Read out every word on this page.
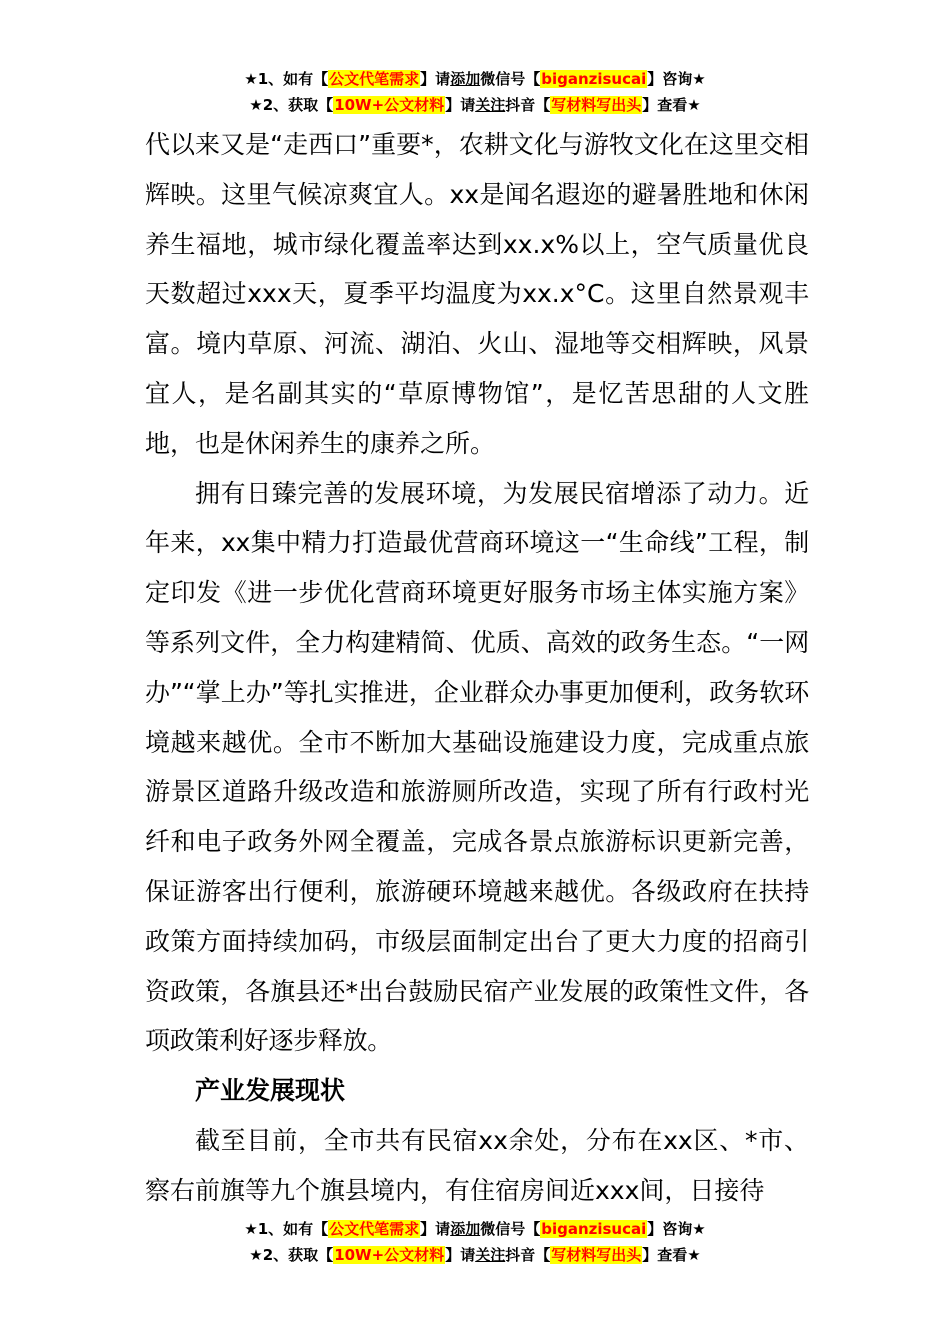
★1、如有【公文代笔需求】请添加微信号【biganzisucai】咨询★
★2、获取【10W+公文材料】请关注抖音【写材料写出头】查看★

代以来又是“走西口”重要*，农耕文化与游牧文化在这里交相辉映。这里气候凉爽宜人。xx是闻名遐迩的避暑胜地和休闲养生福地，城市绿化覆盖率达到xx.x%以上，空气质量优良天数超过xxx天，夏季平均温度为xx.x°C。这里自然景观丰富。境内草原、河流、湖泊、火山、湿地等交相辉映，风景宜人，是名副其实的“草原博物馆”，是忆苦思甜的人文胜地，也是休闲养生的康养之所。

拥有日臻完善的发展环境，为发展民宿增添了动力。近年来，xx集中精力打造最优营商环境这一“生命线”工程，制定印发《进一步优化营商环境更好服务市场主体实施方案》等系列文件，全力构建精简、优质、高效的政务生态。“一网办”“掌上办”等扎实推进，企业群众办事更加便利，政务软环境越来越优。全市不断加大基础设施建设力度，完成重点旅游景区道路升级改造和旅游厕所改造，实现了所有行政村光纤和电子政务外网全覆盖，完成各景点旅游标识更新完善，保证游客出行便利，旅游硬环境越来越优。各级政府在扶持政策方面持续加码，市级层面制定出台了更大力度的招商引资政策，各旗县还*出台鼓励民宿产业发展的政策性文件，各项政策利好逐步释放。

产业发展现状

截至目前，全市共有民宿xx余处，分布在xx区、*市、察右前旗等九个旗县境内，有住宿房间近xxx间，日接待

★1、如有【公文代笔需求】请添加微信号【biganzisucai】咨询★
★2、获取【10W+公文材料】请关注抖音【写材料写出头】查看★
